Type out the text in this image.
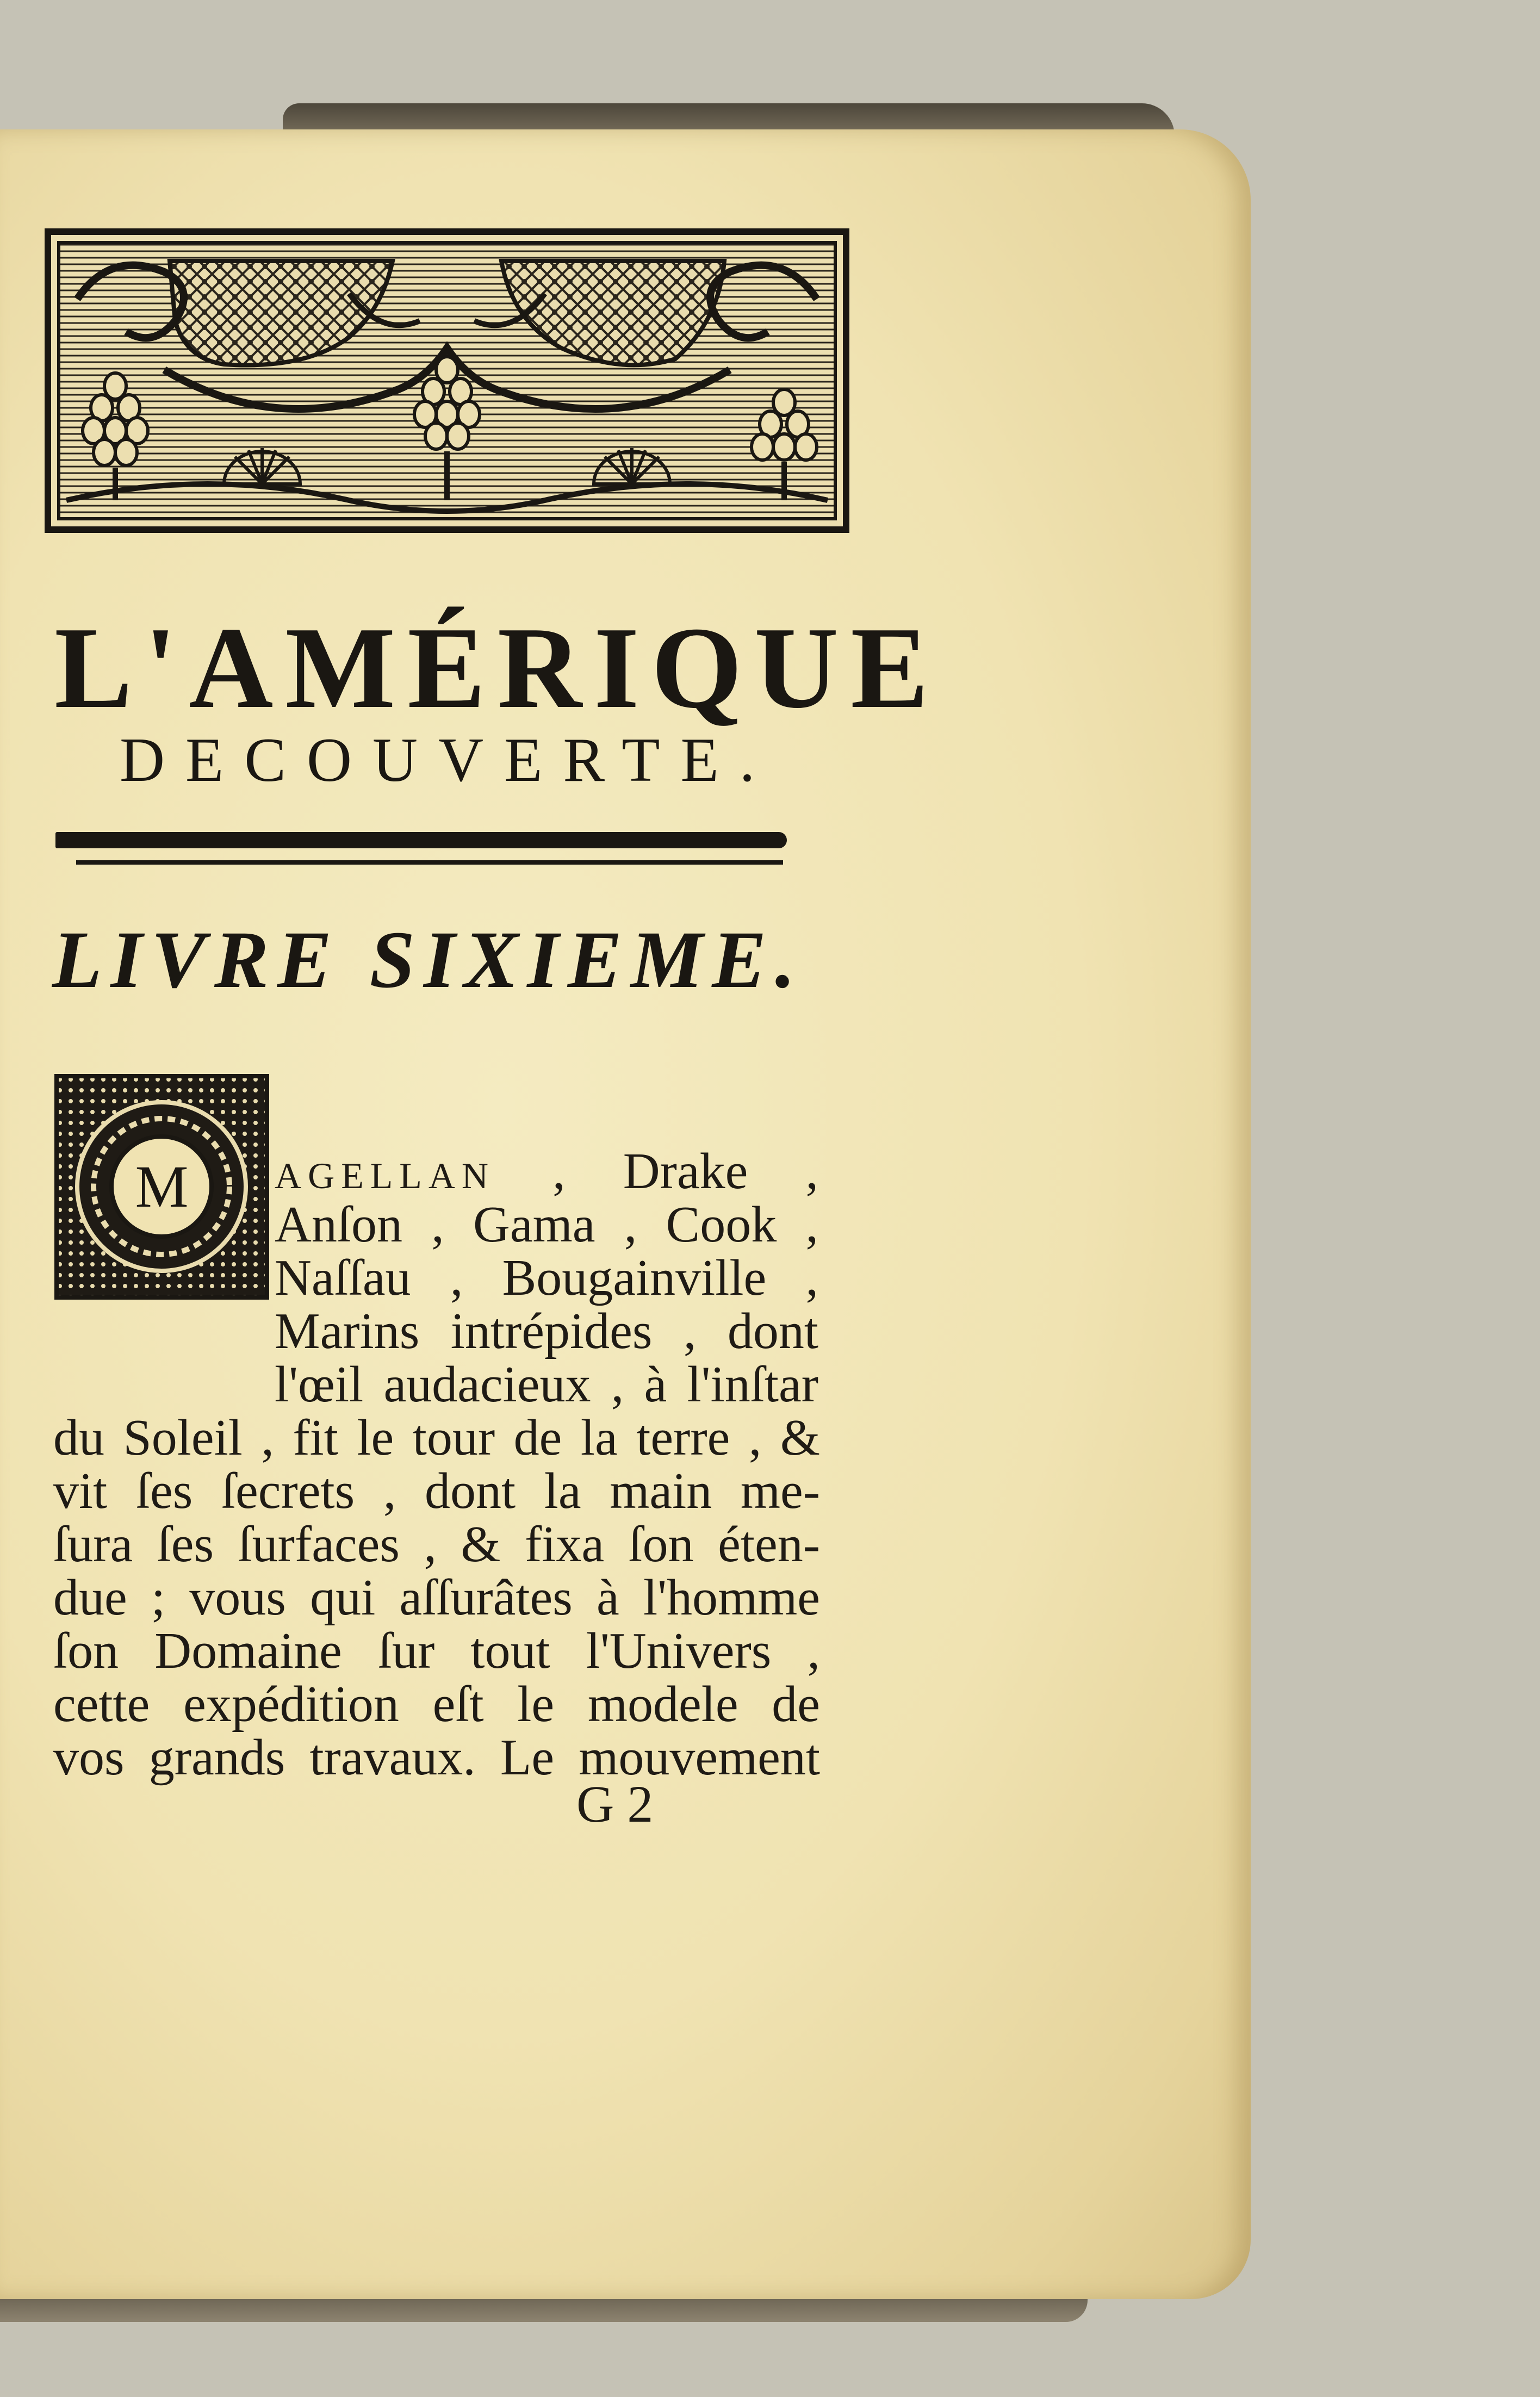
L'AMÉRIQUE
DECOUVERTE.
LIVRE SIXIEME.
M	AGELLAN , Drake ,
Anſon , Gama , Cook ,
Naſſau , Bougainville ,
Marins intrépides , dont
l'œil audacieux , à l'inſtar
du Soleil , fit le tour de la terre , &
vit ſes ſecrets , dont la main me-
ſura ſes ſurfaces , & fixa ſon éten-
due ; vous qui aſſurâtes à l'homme
ſon Domaine ſur tout l'Univers ,
cette expédition eſt le modele de
vos grands travaux. Le mouvement
G 2
